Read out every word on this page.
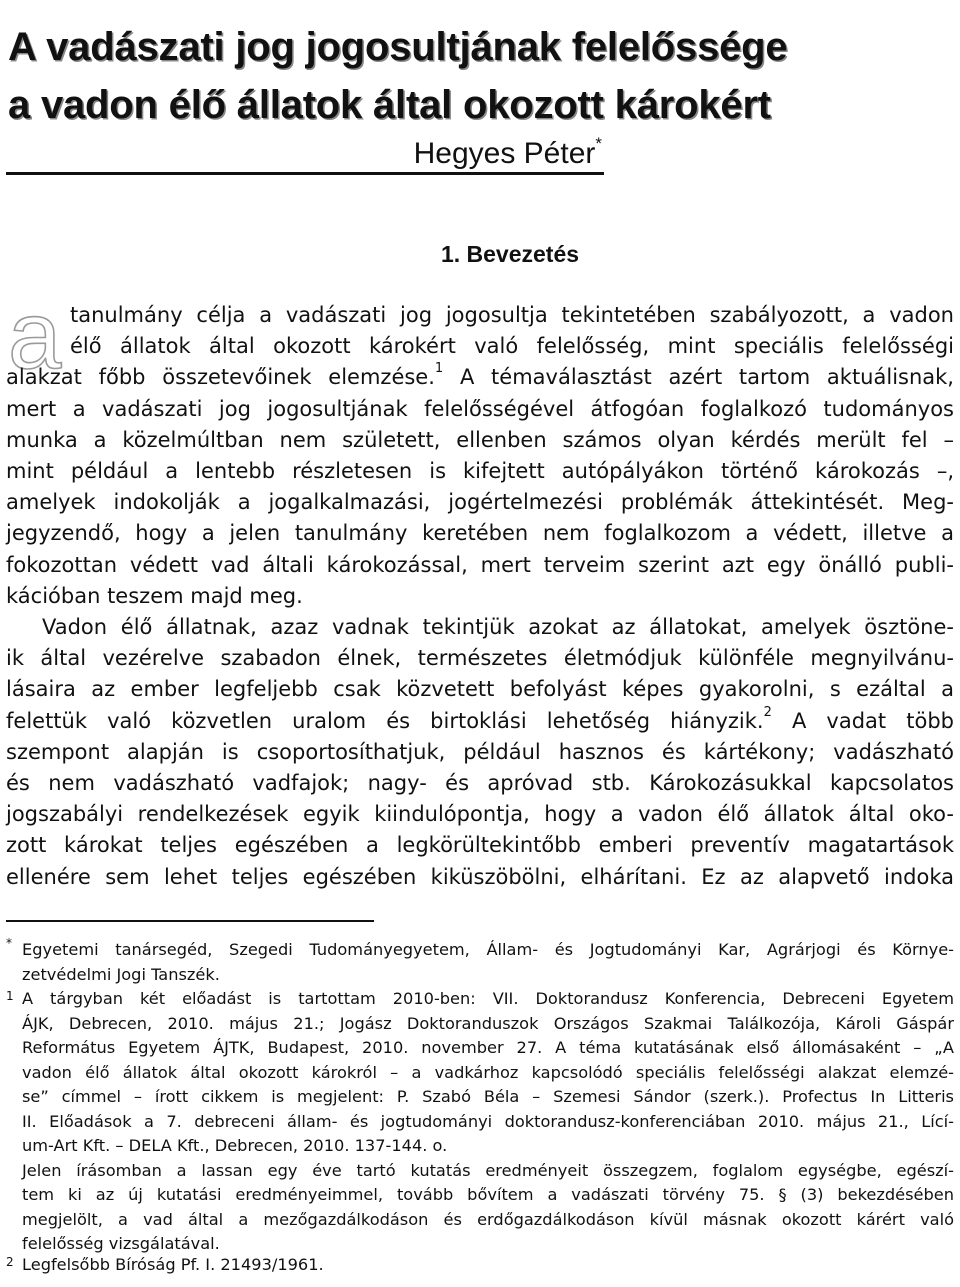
A vadászati jog jogosultjának felelőssége
a vadon élő állatok által okozott károkért
Hegyes Péter*
1. Bevezetés
a tanulmány célja a vadászati jog jogosultja tekintetében szabályozott, a vadon
élő állatok által okozott károkért való felelősség, mint speciális felelősségi
alakzat főbb összetevőinek elemzése.$^1$ A témaválasztást azért tartom aktuálisnak,
mert a vadászati jog jogosultjának felelősségével átfogóan foglalkozó tudományos
munka a közelmúltban nem született, ellenben számos olyan kérdés merült fel –
mint például a lentebb részletesen is kifejtett autópályákon történő károkozás –,
amelyek indokolják a jogalkalmazási, jogértelmezési problémák áttekintését. Meg-
jegyzendő, hogy a jelen tanulmány keretében nem foglalkozom a védett, illetve a
fokozottan védett vad általi károkozással, mert terveim szerint azt egy önálló publi-
kációban teszem majd meg.
Vadon élő állatnak, azaz vadnak tekintjük azokat az állatokat, amelyek ösztöne-
ik által vezérelve szabadon élnek, természetes életmódjuk különféle megnyilvánu-
lásaira az ember legfeljebb csak közvetett befolyást képes gyakorolni, s ezáltal a
felettük való közvetlen uralom és birtoklási lehetőség hiányzik.$^2$ A vadat több
szempont alapján is csoportosíthatjuk, például hasznos és kártékony; vadászható
és nem vadászható vadfajok; nagy- és apróvad stb. Károkozásukkal kapcsolatos
jogszabályi rendelkezések egyik kiindulópontja, hogy a vadon élő állatok által oko-
zott károkat teljes egészében a legkörültekintőbb emberi preventív magatartások
ellenére sem lehet teljes egészében kiküszöbölni, elhárítani. Ez az alapvető indoka
* Egyetemi tanársegéd, Szegedi Tudományegyetem, Állam- és Jogtudományi Kar, Agrárjogi és Környe-
zetvédelmi Jogi Tanszék.
1 A tárgyban két előadást is tartottam 2010-ben: VII. Doktorandusz Konferencia, Debreceni Egyetem
ÁJK, Debrecen, 2010. május 21.; Jogász Doktoranduszok Országos Szakmai Találkozója, Károli Gáspár
Református Egyetem ÁJTK, Budapest, 2010. november 27. A téma kutatásának első állomásaként – „A
vadon élő állatok által okozott károkról – a vadkárhoz kapcsolódó speciális felelősségi alakzat elemzé-
se” címmel – írott cikkem is megjelent: P. Szabó Béla – Szemesi Sándor (szerk.). Profectus In Litteris
II. Előadások a 7. debreceni állam- és jogtudományi doktorandusz-konferenciában 2010. május 21., Lící-
um-Art Kft. – DELA Kft., Debrecen, 2010. 137-144. o.
Jelen írásomban a lassan egy éve tartó kutatás eredményeit összegzem, foglalom egységbe, egészí-
tem ki az új kutatási eredményeimmel, tovább bővítem a vadászati törvény 75. § (3) bekezdésében
megjelölt, a vad által a mezőgazdálkodáson és erdőgazdálkodáson kívül másnak okozott kárért való
felelősség vizsgálatával.
2 Legfelsőbb Bíróság Pf. I. 21493/1961.
